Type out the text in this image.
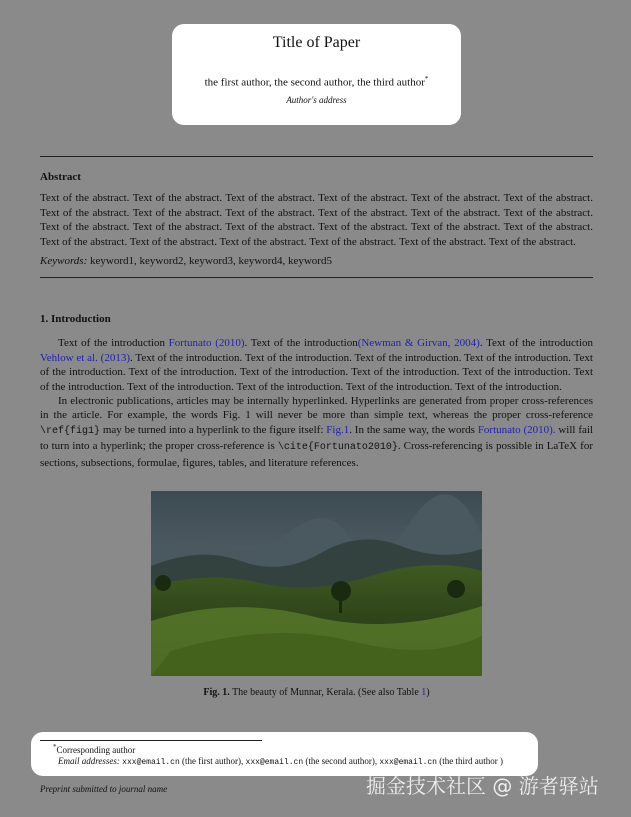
Title of Paper
the first author, the second author, the third author*
Author's address
Abstract
Text of the abstract. Text of the abstract. Text of the abstract. Text of the abstract. Text of the abstract. Text of the abstract. Text of the abstract. Text of the abstract. Text of the abstract. Text of the abstract. Text of the abstract. Text of the abstract. Text of the abstract. Text of the abstract. Text of the abstract. Text of the abstract. Text of the abstract. Text of the abstract. Text of the abstract. Text of the abstract. Text of the abstract. Text of the abstract. Text of the abstract. Text of the abstract.
Keywords: keyword1, keyword2, keyword3, keyword4, keyword5
1. Introduction

Text of the introduction Fortunato (2010). Text of the introduction(Newman & Girvan, 2004). Text of the introduction Vehlow et al. (2013). Text of the introduction. Text of the introduction. Text of the introduction. Text of the introduction. Text of the introduction. Text of the introduction. Text of the introduction. Text of the introduction. Text of the introduction. Text of the introduction. Text of the introduction. Text of the introduction. Text of the introduction. Text of the introduction.

In electronic publications, articles may be internally hyperlinked. Hyperlinks are generated from proper cross-references in the article. For example, the words Fig. 1 will never be more than simple text, whereas the proper cross-reference \ref{fig1} may be turned into a hyperlink to the figure itself: Fig.1. In the same way, the words Fortunato (2010). will fail to turn into a hyperlink; the proper cross-reference is \cite{Fortunato2010}. Cross-referencing is possible in LaTeX for sections, subsections, formulae, figures, tables, and literature references.

Fig. 1. The beauty of Munnar, Kerala. (See also Table 1)
*Corresponding author
Email addresses: xxx@email.cn (the first author), xxx@email.cn (the second author), xxx@email.cn (the third author )
Preprint submitted to journal name	掘金技术社区 @ 游者驿站
